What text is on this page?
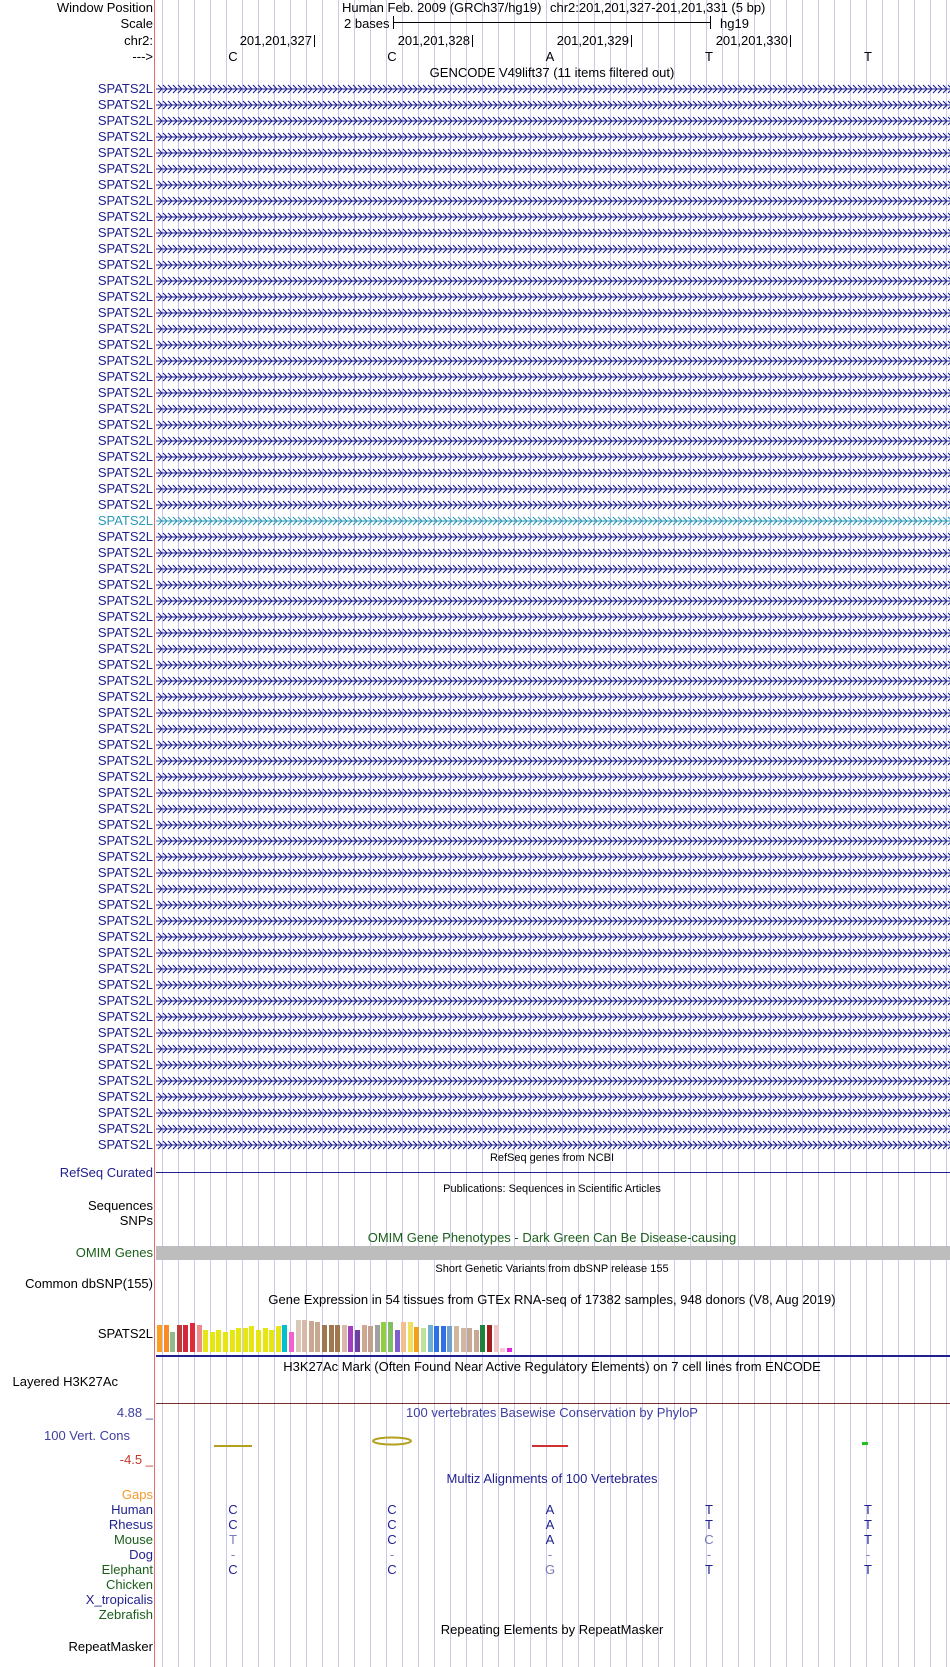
Window Position	Human Feb. 2009 (GRCh37/hg19) chr2:201,201,327-201,201,331 (5 bp)
Scale	2 bases	hg19
chr2:	201,201,327	201,201,328	201,201,329	201,201,330
--->	C	C	A	T	T
GENCODE V49lift37 (11 items filtered out)
SPATS2L
SPATS2L
SPATS2L
SPATS2L
SPATS2L
SPATS2L
SPATS2L
SPATS2L
SPATS2L
SPATS2L
SPATS2L
SPATS2L
SPATS2L
SPATS2L
SPATS2L
SPATS2L
SPATS2L
SPATS2L
SPATS2L
SPATS2L
SPATS2L
SPATS2L
SPATS2L
SPATS2L
SPATS2L
SPATS2L
SPATS2L
SPATS2L
SPATS2L
SPATS2L
SPATS2L
SPATS2L
SPATS2L
SPATS2L
SPATS2L
SPATS2L
SPATS2L
SPATS2L
SPATS2L
SPATS2L
SPATS2L
SPATS2L
SPATS2L
SPATS2L
SPATS2L
SPATS2L
SPATS2L
SPATS2L
SPATS2L
SPATS2L
SPATS2L
SPATS2L
SPATS2L
SPATS2L
SPATS2L
SPATS2L
SPATS2L
SPATS2L
SPATS2L
SPATS2L
SPATS2L
SPATS2L
SPATS2L
SPATS2L
SPATS2L
SPATS2L
SPATS2L
RefSeq genes from NCBI
RefSeq Curated
Publications: Sequences in Scientific Articles
Sequences
SNPs
OMIM Gene Phenotypes - Dark Green Can Be Disease-causing
OMIM Genes
Short Genetic Variants from dbSNP release 155
Common dbSNP(155)
Gene Expression in 54 tissues from GTEx RNA-seq of 17382 samples, 948 donors (V8, Aug 2019)
SPATS2L
H3K27Ac Mark (Often Found Near Active Regulatory Elements) on 7 cell lines from ENCODE
Layered H3K27Ac
4.88 _	100 vertebrates Basewise Conservation by PhyloP
100 Vert. Cons
-4.5 _
Multiz Alignments of 100 Vertebrates
Gaps
Human	C	C	A	T	T
Rhesus	C	C	A	T	T
Mouse	T	C	A	C	T
Dog	-	-	-	-	-
Elephant	C	C	G	T	T
Chicken
X_tropicalis
Zebrafish
Repeating Elements by RepeatMasker
RepeatMasker
